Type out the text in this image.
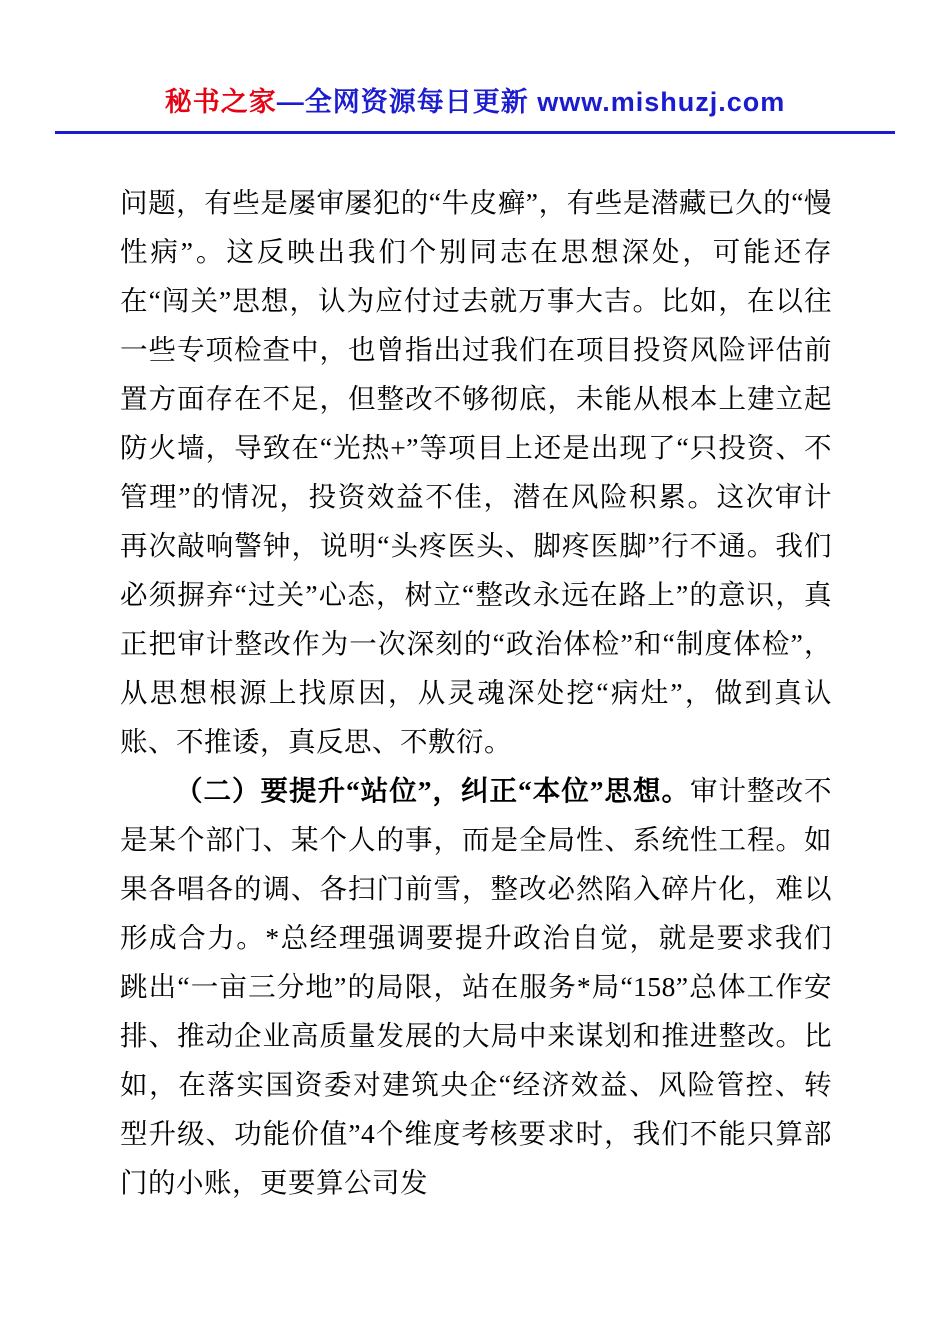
秘书之家—全网资源每日更新 www.mishuzj.com

问题，有些是屡审屡犯的“牛皮癣”，有些是潜藏已久的“慢性病”。这反映出我们个别同志在思想深处，可能还存在“闯关”思想，认为应付过去就万事大吉。比如，在以往一些专项检查中，也曾指出过我们在项目投资风险评估前置方面存在不足，但整改不够彻底，未能从根本上建立起防火墙，导致在“光热+”等项目上还是出现了“只投资、不管理”的情况，投资效益不佳，潜在风险积累。这次审计再次敲响警钟，说明“头疼医头、脚疼医脚”行不通。我们必须摒弃“过关”心态，树立“整改永远在路上”的意识，真正把审计整改作为一次深刻的“政治体检”和“制度体检”，从思想根源上找原因，从灵魂深处挖“病灶”，做到真认账、不推诿，真反思、不敷衍。

（二）要提升“站位”，纠正“本位”思想。审计整改不是某个部门、某个人的事，而是全局性、系统性工程。如果各唱各的调、各扫门前雪，整改必然陷入碎片化，难以形成合力。*总经理强调要提升政治自觉，就是要求我们跳出“一亩三分地”的局限，站在服务*局“158”总体工作安排、推动企业高质量发展的大局中来谋划和推进整改。比如，在落实国资委对建筑央企“经济效益、风险管控、转型升级、功能价值”4个维度考核要求时，我们不能只算部门的小账，更要算公司发
